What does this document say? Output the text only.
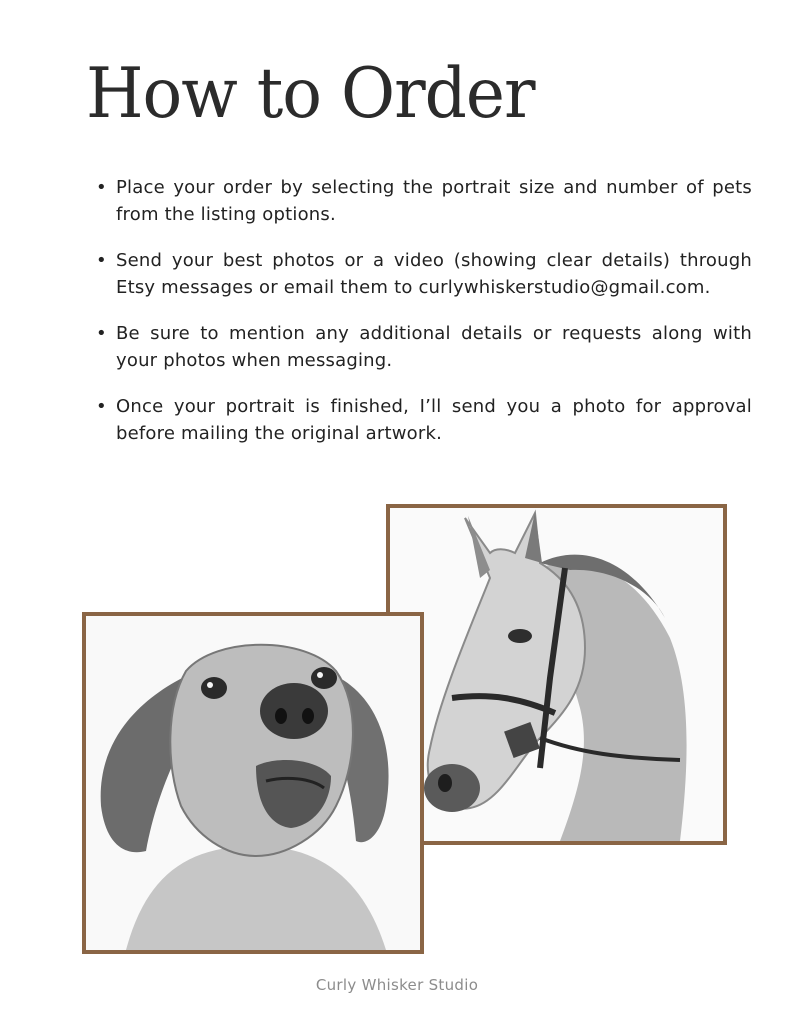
How to Order
• Place your order by selecting the portrait size and number of pets from the listing options.
• Send your best photos or a video (showing clear details) through Etsy messages or email them to curlywhiskerstudio@gmail.com.
• Be sure to mention any additional details or requests along with your photos when messaging.
• Once your portrait is finished, I’ll send you a photo for approval before mailing the original artwork.
Curly Whisker Studio
